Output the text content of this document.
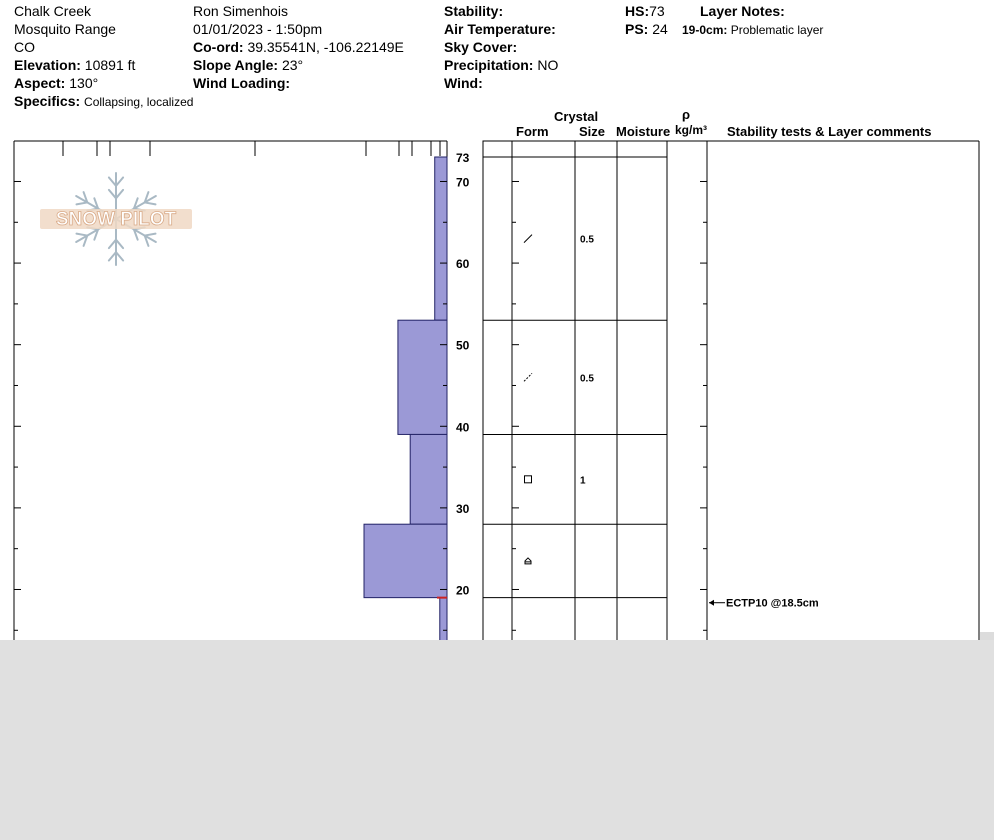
Chalk Creek
Mosquito Range
CO
Elevation: 10891 ft
Aspect: 130°
Specifics: Collapsing, localized
Ron Simenhois
01/01/2023 - 1:50pm
Co-ord: 39.35541N, -106.22149E
Slope Angle: 23°
Wind Loading:
Stability:
Air Temperature:
Sky Cover:
Precipitation: NO
Wind:
HS:73
PS: 24
Layer Notes:
19-0cm: Problematic layer
Crystal
Form Size Moisture
ρ
kg/m³ Stability tests & Layer comments
SNOW PILOT
0.5
0.5
1
20
30
40
50
60
70
73
ECTP10 @18.5cm
